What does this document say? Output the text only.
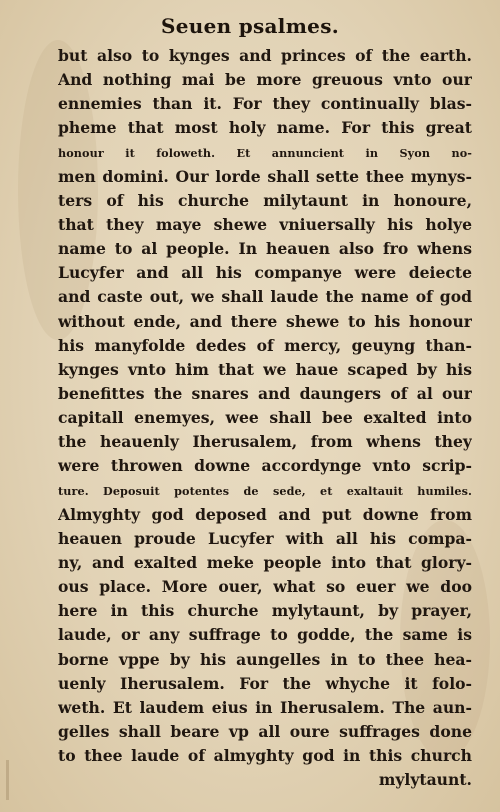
Seuen psalmes.
but also to kynges and princes of the earth.
And nothing mai be more greuous vnto our
ennemies than it. For they continually blas-
pheme that most holy name. For this great
honour it foloweth. Et annuncient in Syon no-
men domini. Our lorde shall sette thee mynys-
ters of his churche milytaunt in honoure,
that they maye shewe vniuersally his holye
name to al people. In heauen also fro whens
Lucyfer and all his companye were deiecte
and caste out, we shall laude the name of god
without ende, and there shewe to his honour
his manyfolde dedes of mercy, geuyng than-
kynges vnto him that we haue scaped by his
benefittes the snares and daungers of al our
capitall enemyes, wee shall bee exalted into
the heauenly Iherusalem, from whens they
were throwen downe accordynge vnto scrip-
ture. Deposuit potentes de sede, et exaltauit humiles.
Almyghty god deposed and put downe from
heauen proude Lucyfer with all his compa-
ny, and exalted meke people into that glory-
ous place. More ouer, what so euer we doo
here in this churche mylytaunt, by prayer,
laude, or any suffrage to godde, the same is
borne vppe by his aungelles in to thee hea-
uenly Iherusalem. For the whyche it folo-
weth. Et laudem eius in Iherusalem. The aun-
gelles shall beare vp all oure suffrages done
to thee laude of almyghty god in this church
mylytaunt.
